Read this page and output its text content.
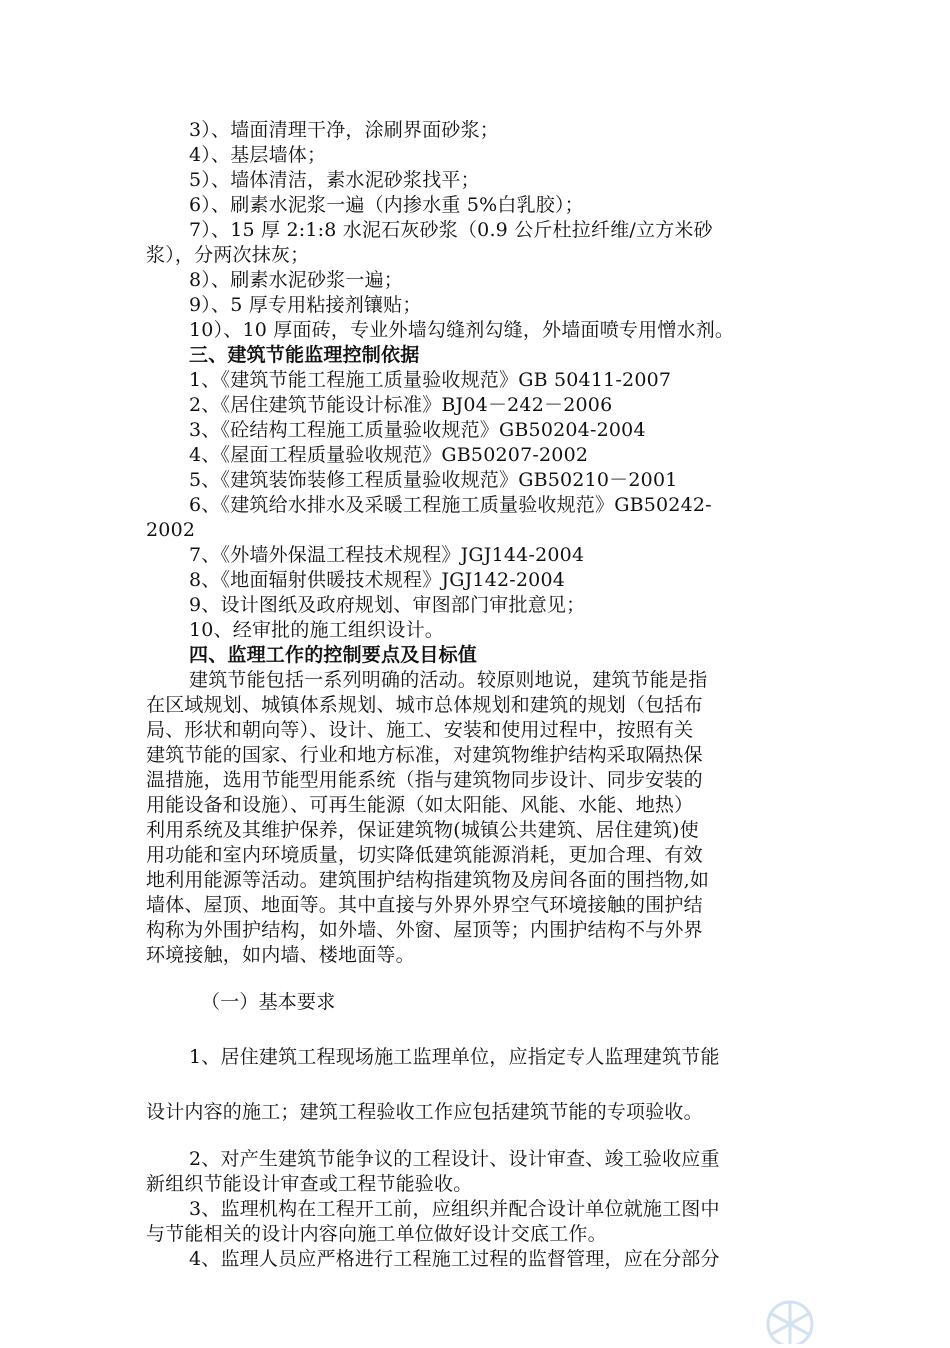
3）、墙面清理干净，涂刷界面砂浆；
4）、基层墙体；
5）、墙体清洁，素水泥砂浆找平；
6）、刷素水泥浆一遍（内掺水重 5%白乳胶）；
7）、15 厚 2:1:8 水泥石灰砂浆（0.9 公斤杜拉纤维/立方米砂
浆），分两次抹灰；
8）、刷素水泥砂浆一遍；
9）、5 厚专用粘接剂镶贴；
10）、10 厚面砖，专业外墙勾缝剂勾缝，外墙面喷专用憎水剂。
三、建筑节能监理控制依据
1、《建筑节能工程施工质量验收规范》GB 50411-2007
2、《居住建筑节能设计标准》BJ04－242－2006
3、《砼结构工程施工质量验收规范》GB50204-2004
4、《屋面工程质量验收规范》GB50207-2002
5、《建筑装饰装修工程质量验收规范》GB50210－2001
6、《建筑给水排水及采暖工程施工质量验收规范》GB50242-
2002
7、《外墙外保温工程技术规程》JGJ144-2004
8、《地面辐射供暖技术规程》JGJ142-2004
9、设计图纸及政府规划、审图部门审批意见；
10、经审批的施工组织设计。
四、监理工作的控制要点及目标值
建筑节能包括一系列明确的活动。较原则地说，建筑节能是指
在区域规划、城镇体系规划、城市总体规划和建筑的规划（包括布
局、形状和朝向等）、设计、施工、安装和使用过程中，按照有关
建筑节能的国家、行业和地方标准，对建筑物维护结构采取隔热保
温措施，选用节能型用能系统（指与建筑物同步设计、同步安装的
用能设备和设施）、可再生能源（如太阳能、风能、水能、地热）
利用系统及其维护保养，保证建筑物(城镇公共建筑、居住建筑)使
用功能和室内环境质量，切实降低建筑能源消耗，更加合理、有效
地利用能源等活动。建筑围护结构指建筑物及房间各面的围挡物,如
墙体、屋顶、地面等。其中直接与外界外界空气环境接触的围护结
构称为外围护结构，如外墙、外窗、屋顶等；内围护结构不与外界
环境接触，如内墙、楼地面等。
（一）基本要求
1、居住建筑工程现场施工监理单位，应指定专人监理建筑节能
设计内容的施工；建筑工程验收工作应包括建筑节能的专项验收。
2、对产生建筑节能争议的工程设计、设计审查、竣工验收应重
新组织节能设计审查或工程节能验收。
3、监理机构在工程开工前，应组织并配合设计单位就施工图中
与节能相关的设计内容向施工单位做好设计交底工作。
4、监理人员应严格进行工程施工过程的监督管理，应在分部分
